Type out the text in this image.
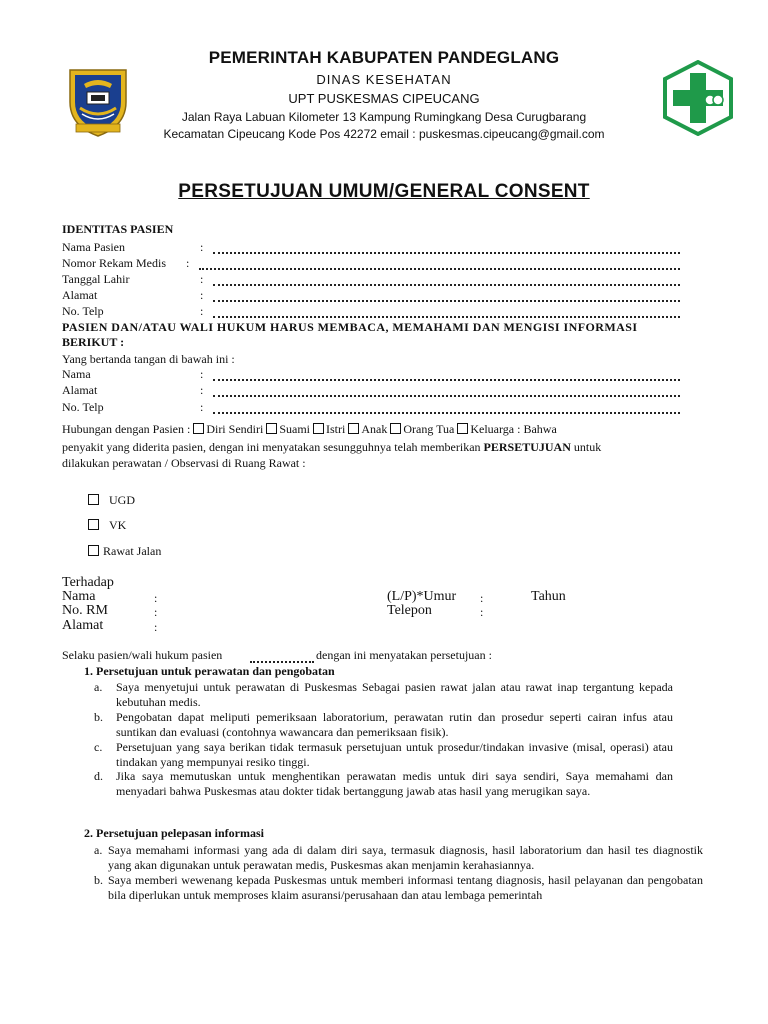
PEMERINTAH KABUPATEN PANDEGLANG
DINAS KESEHATAN
UPT PUSKESMAS CIPEUCANG
Jalan Raya Labuan Kilometer 13 Kampung Rumingkang Desa Curugbarang
Kecamatan Cipeucang Kode Pos 42272 email : puskesmas.cipeucang@gmail.com
PERSETUJUAN UMUM/GENERAL CONSENT
IDENTITAS PASIEN
Nama Pasien	:
Nomor Rekam Medis :
Tanggal Lahir	:
Alamat	:
No. Telp	:
PASIEN DAN/ATAU WALI HUKUM HARUS MEMBACA, MEMAHAMI DAN MENGISI INFORMASI
BERIKUT :
Yang bertanda tangan di bawah ini :
Nama	:
Alamat	:
No. Telp	:
Hubungan dengan Pasien : Diri Sendiri Suami Istri Anak Orang Tua Keluarga : Bahwa
penyakit yang diderita pasien, dengan ini menyatakan sesungguhnya telah memberikan PERSETUJUAN untuk
dilakukan perawatan / Observasi di Ruang Rawat :
UGD
VK
Rawat Jalan
Terhadap
Nama	:	(L/P)*Umur :	Tahun
No. RM	:	Telepon	:
Alamat	:
Selaku pasien/wali hukum pasien	dengan ini menyatakan persetujuan :
1. Persetujuan untuk perawatan dan pengobatan
a. Saya menyetujui untuk perawatan di Puskesmas Sebagai pasien rawat jalan atau rawat inap tergantung kepada kebutuhan medis.
b. Pengobatan dapat meliputi pemeriksaan laboratorium, perawatan rutin dan prosedur seperti cairan infus atau suntikan dan evaluasi (contohnya wawancara dan pemeriksaan fisik).
c. Persetujuan yang saya berikan tidak termasuk persetujuan untuk prosedur/tindakan invasive (misal, operasi) atau tindakan yang mempunyai resiko tinggi.
d. Jika saya memutuskan untuk menghentikan perawatan medis untuk diri saya sendiri, Saya memahami dan menyadari bahwa Puskesmas atau dokter tidak bertanggung jawab atas hasil yang merugikan saya.
2. Persetujuan pelepasan informasi
a. Saya memahami informasi yang ada di dalam diri saya, termasuk diagnosis, hasil laboratorium dan hasil tes diagnostik yang akan digunakan untuk perawatan medis, Puskesmas akan menjamin kerahasiannya.
b. Saya memberi wewenang kepada Puskesmas untuk memberi informasi tentang diagnosis, hasil pelayanan dan pengobatan bila diperlukan untuk memproses klaim asuransi/perusahaan dan atau lembaga pemerintah
